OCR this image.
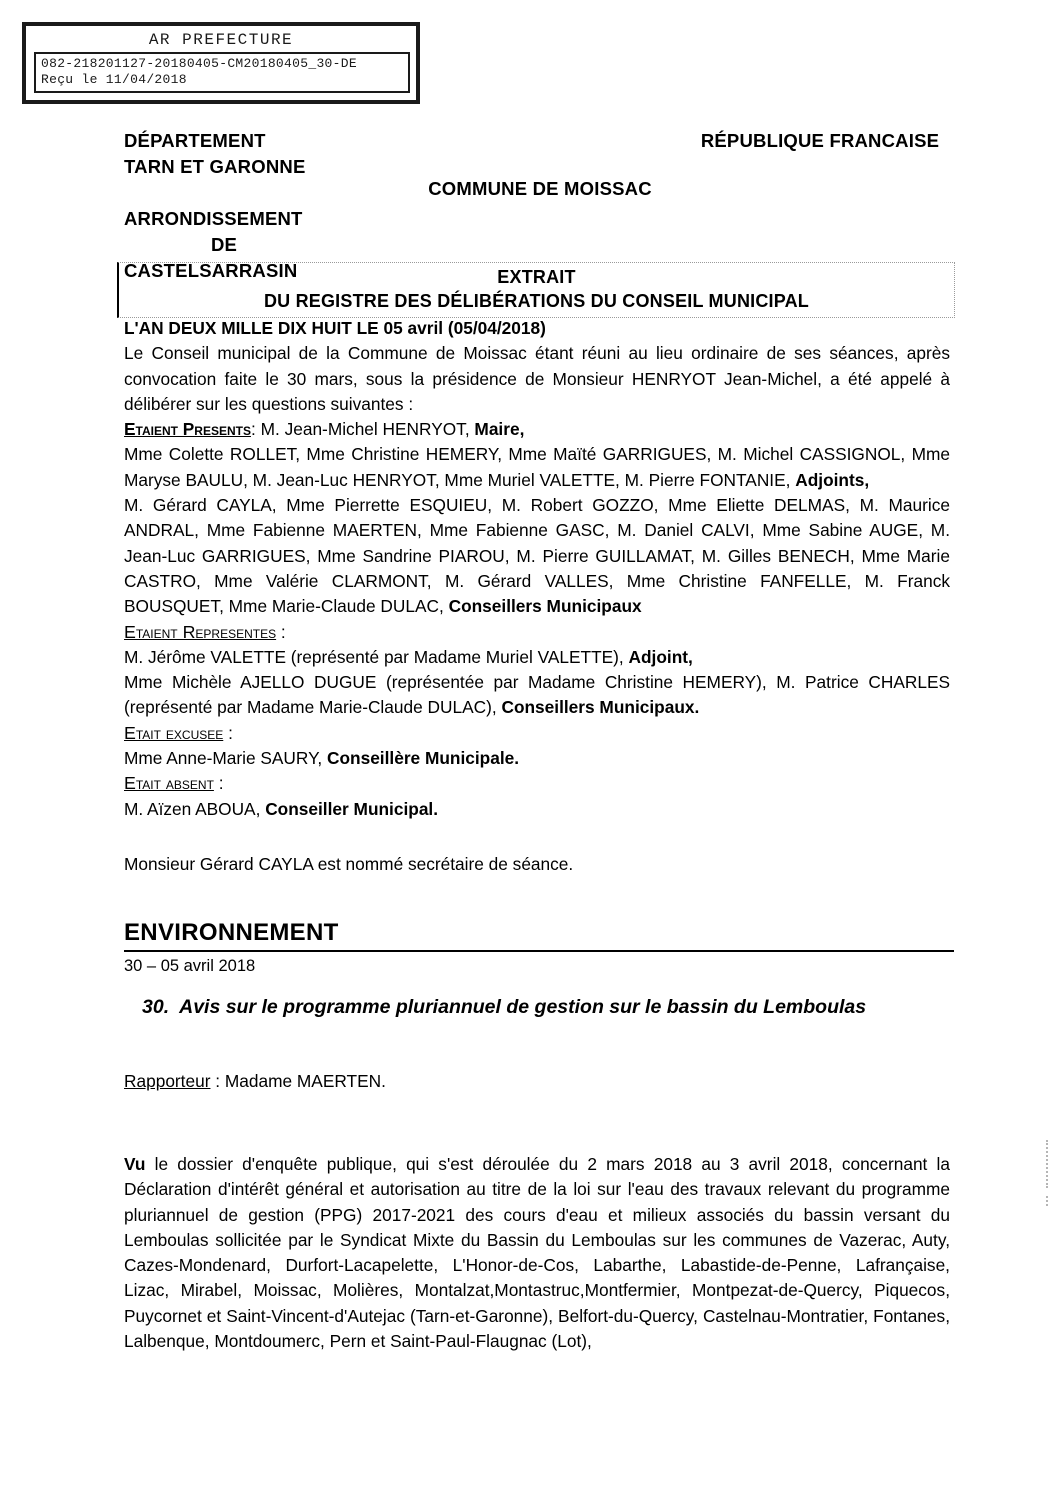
AR PREFECTURE
082-218201127-20180405-CM20180405_30-DE
Reçu le 11/04/2018
DÉPARTEMENT
TARN ET GARONNE
ARRONDISSEMENT
DE
CASTELSARRASIN
RÉPUBLIQUE FRANCAISE
COMMUNE DE MOISSAC
EXTRAIT
DU REGISTRE DES DÉLIBÉRATIONS DU CONSEIL MUNICIPAL

L'AN DEUX MILLE DIX HUIT LE 05 avril (05/04/2018)

Le Conseil municipal de la Commune de Moissac étant réuni au lieu ordinaire de ses séances, après convocation faite le 30 mars, sous la présidence de Monsieur HENRYOT Jean-Michel, a été appelé à délibérer sur les questions suivantes :

Etaient Presents: M. Jean-Michel HENRYOT, Maire,

Mme Colette ROLLET, Mme Christine HEMERY, Mme Maïté GARRIGUES, M. Michel CASSIGNOL, Mme Maryse BAULU, M. Jean-Luc HENRYOT, Mme Muriel VALETTE, M. Pierre FONTANIE, Adjoints,

M. Gérard CAYLA, Mme Pierrette ESQUIEU, M. Robert GOZZO, Mme Eliette DELMAS, M. Maurice ANDRAL, Mme Fabienne MAERTEN, Mme Fabienne GASC, M. Daniel CALVI, Mme Sabine AUGE, M. Jean-Luc GARRIGUES, Mme Sandrine PIAROU, M. Pierre GUILLAMAT, M. Gilles BENECH, Mme Marie CASTRO, Mme Valérie CLARMONT, M. Gérard VALLES, Mme Christine FANFELLE, M. Franck BOUSQUET, Mme Marie-Claude DULAC, Conseillers Municipaux

Etaient Representes :

M. Jérôme VALETTE (représenté par Madame Muriel VALETTE), Adjoint,

Mme Michèle AJELLO DUGUE (représentée par Madame Christine HEMERY), M. Patrice CHARLES (représenté par Madame Marie-Claude DULAC), Conseillers Municipaux.

Etait excusee :

Mme Anne-Marie SAURY, Conseillère Municipale.

Etait absent :

M. Aïzen ABOUA, Conseiller Municipal.

Monsieur Gérard CAYLA est nommé secrétaire de séance.

ENVIRONNEMENT

30 – 05 avril 2018

30. Avis sur le programme pluriannuel de gestion sur le bassin du Lemboulas

Rapporteur : Madame MAERTEN.

Vu le dossier d'enquête publique, qui s'est déroulée du 2 mars 2018 au 3 avril 2018, concernant la Déclaration d'intérêt général et autorisation au titre de la loi sur l'eau des travaux relevant du programme pluriannuel de gestion (PPG) 2017-2021 des cours d'eau et milieux associés du bassin versant du Lemboulas sollicitée par le Syndicat Mixte du Bassin du Lemboulas sur les communes de Vazerac, Auty, Cazes-Mondenard, Durfort-Lacapelette, L'Honor-de-Cos, Labarthe, Labastide-de-Penne, Lafrançaise, Lizac, Mirabel, Moissac, Molières, Montalzat,Montastruc,Montfermier, Montpezat-de-Quercy, Piquecos, Puycornet et Saint-Vincent-d'Autejac (Tarn-et-Garonne), Belfort-du-Quercy, Castelnau-Montratier, Fontanes, Lalbenque, Montdoumerc, Pern et Saint-Paul-Flaugnac (Lot),
